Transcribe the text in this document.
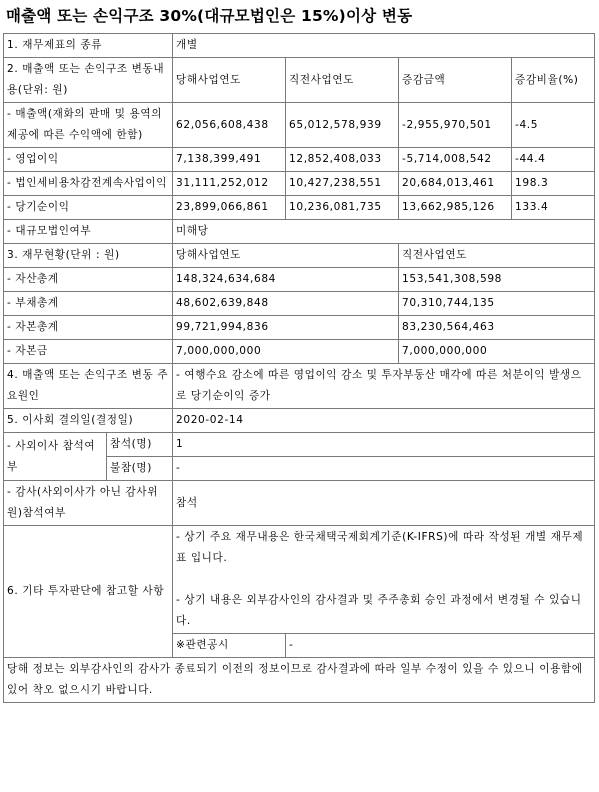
매출액 또는 손익구조 30%(대규모법인은 15%)이상 변동
1. 재무제표의 종류		개별			
2. 매출액 또는 손익구조 변동내용(단위: 원)		당해사업연도	직전사업연도	증감금액	증감비율(%)
- 매출액(재화의 판매 및 용역의 제공에 따른 수익액에 한함)		62,056,608,438	65,012,578,939	-2,955,970,501	-4.5
- 영업이익		7,138,399,491	12,852,408,033	-5,714,008,542	-44.4
- 법인세비용차감전계속사업이익		31,111,252,012	10,427,238,551	20,684,013,461	198.3
- 당기순이익		23,899,066,861	10,236,081,735	13,662,985,126	133.4
- 대규모법인여부		미해당			
3. 재무현황(단위 : 원)		당해사업연도		직전사업연도	
- 자산총계		148,324,634,684		153,541,308,598	
- 부채총계		48,602,639,848		70,310,744,135	
- 자본총계		99,721,994,836		83,230,564,463	
- 자본금		7,000,000,000		7,000,000,000	
4. 매출액 또는 손익구조 변동 주요원인		- 여행수요 감소에 따른 영업이익 감소 및 투자부동산 매각에 따른 처분이익 발생으로 당기순이익 증가			
5. 이사회 결의일(결정일)		2020-02-14			
- 사외이사 참석여부	참석(명)	1			
	불참(명)	-			
- 감사(사외이사가 아닌 감사위원)참석여부		참석			
6. 기타 투자판단에 참고할 사항		- 상기 주요 재무내용은 한국채택국제회계기준(K-IFRS)에 따라 작성된 개별 재무제표 입니다.
- 상기 내용은 외부감사인의 감사결과 및 주주총회 승인 과정에서 변경될 수 있습니다.			

		※관련공시	-		
당해 정보는 외부감사인의 감사가 종료되기 이전의 정보이므로 감사결과에 따라 일부 수정이 있을 수 있으니 이용함에 있어 착오 없으시기 바랍니다.					
